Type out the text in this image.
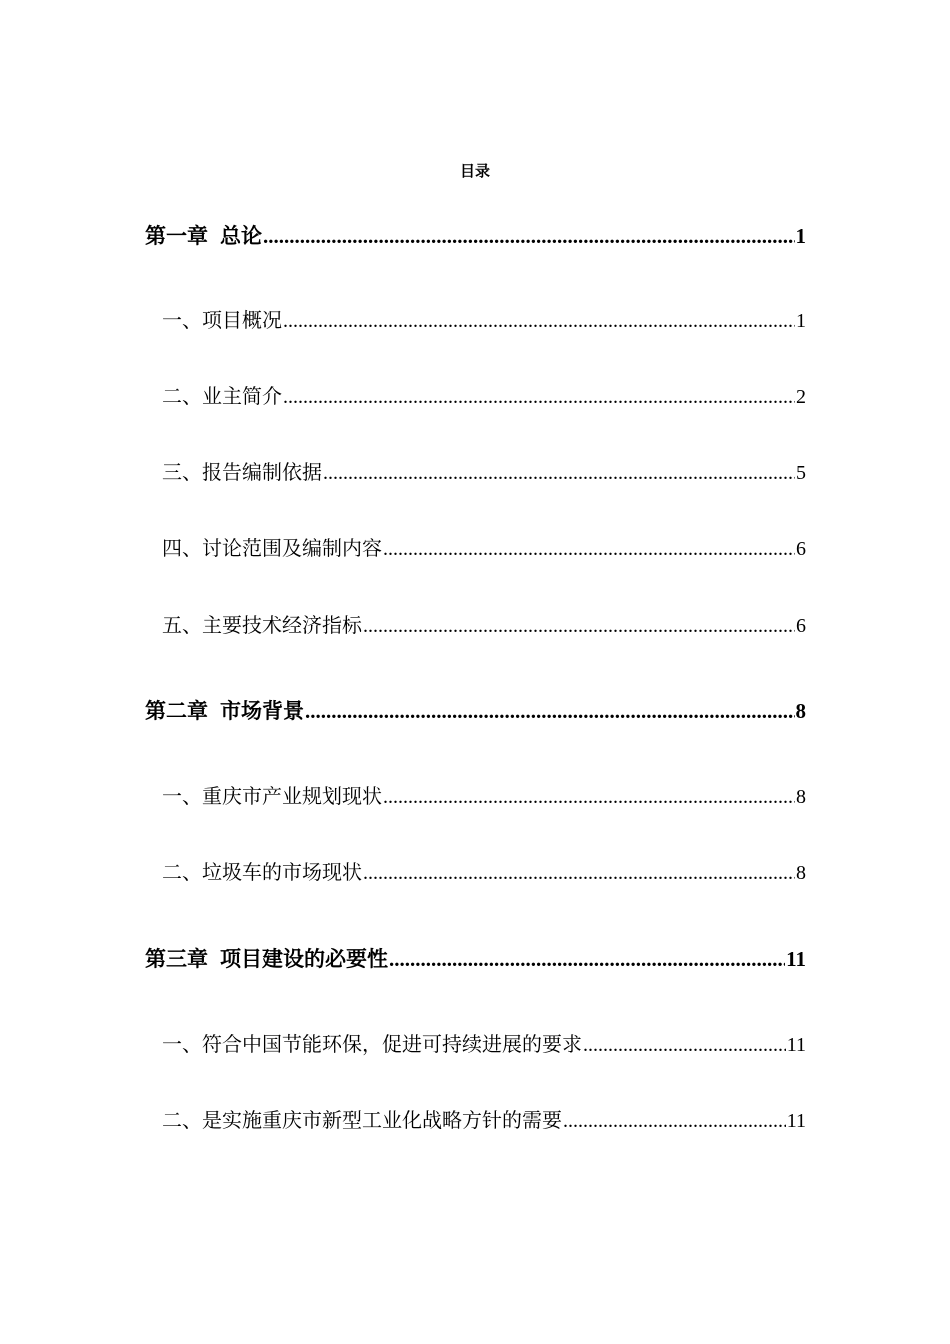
目录
第一章 总论 .....	1
一、项目概况 .....	1
二、业主简介 .....	2
三、报告编制依据 .....	5
四、讨论范围及编制内容 .....	6
五、主要技术经济指标 .....	6
第二章 市场背景 .....	8
一、重庆市产业规划现状 .....	8
二、垃圾车的市场现状 .....	8
第三章 项目建设的必要性 .....	11
一、符合中国节能环保，促进可持续进展的要求 .....	11
二、是实施重庆市新型工业化战略方针的需要 .....	11
